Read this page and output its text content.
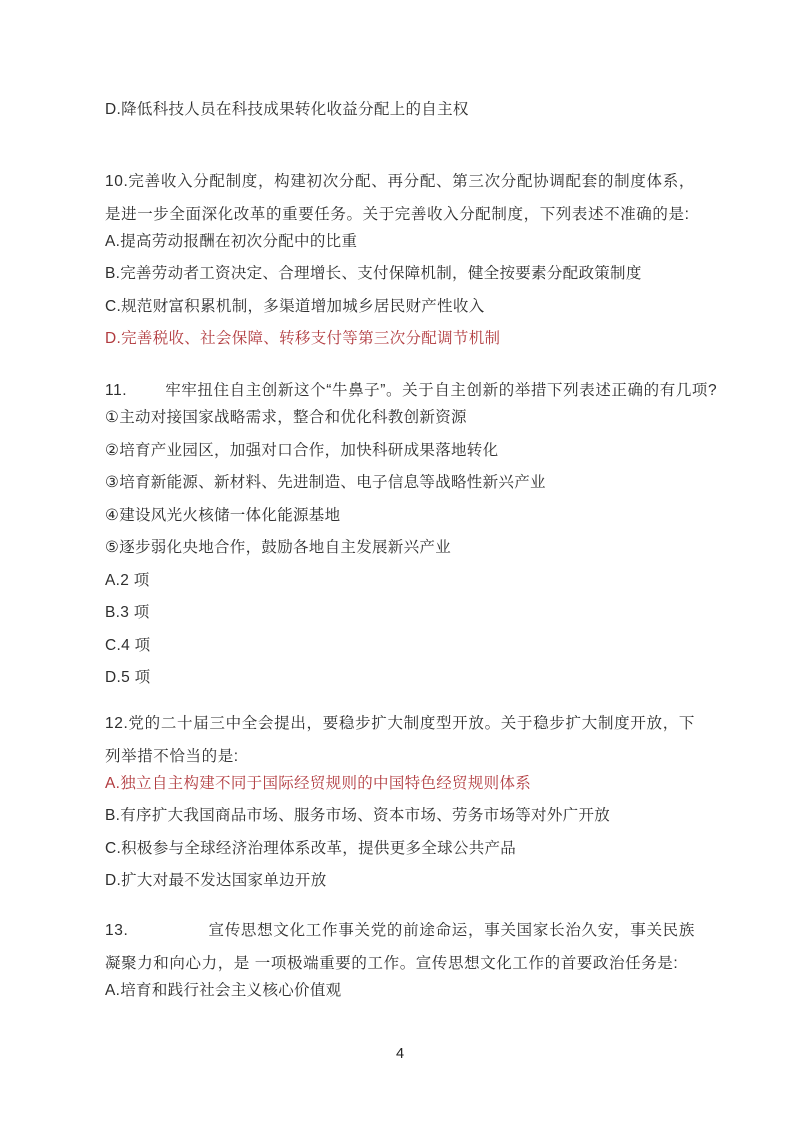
D.降低科技人员在科技成果转化收益分配上的自主权

10.完善收入分配制度，构建初次分配、再分配、第三次分配协调配套的制度体系，是进一步全面深化改革的重要任务。关于完善收入分配制度，下列表述不准确的是:

A.提高劳动报酬在初次分配中的比重

B.完善劳动者工资决定、合理增长、支付保障机制，健全按要素分配政策制度

C.规范财富积累机制，多渠道增加城乡居民财产性收入

D.完善税收、社会保障、转移支付等第三次分配调节机制

11. 牢牢扭住自主创新这个“牛鼻子”。关于自主创新的举措下列表述正确的有几项?

①主动对接国家战略需求，整合和优化科教创新资源

②培育产业园区，加强对口合作，加快科研成果落地转化

③培育新能源、新材料、先进制造、电子信息等战略性新兴产业

④建设风光火核储一体化能源基地

⑤逐步弱化央地合作，鼓励各地自主发展新兴产业

A.2 项

B.3 项

C.4 项

D.5 项

12.党的二十届三中全会提出，要稳步扩大制度型开放。关于稳步扩大制度开放，下列举措不恰当的是:

A.独立自主构建不同于国际经贸规则的中国特色经贸规则体系

B.有序扩大我国商品市场、服务市场、资本市场、劳务市场等对外广开放

C.积极参与全球经济治理体系改革，提供更多全球公共产品

D.扩大对最不发达国家单边开放

13.	宣传思想文化工作事关党的前途命运，事关国家长治久安，事关民族凝聚力和向心力，是 一项极端重要的工作。宣传思想文化工作的首要政治任务是:

A.培育和践行社会主义核心价值观

4
